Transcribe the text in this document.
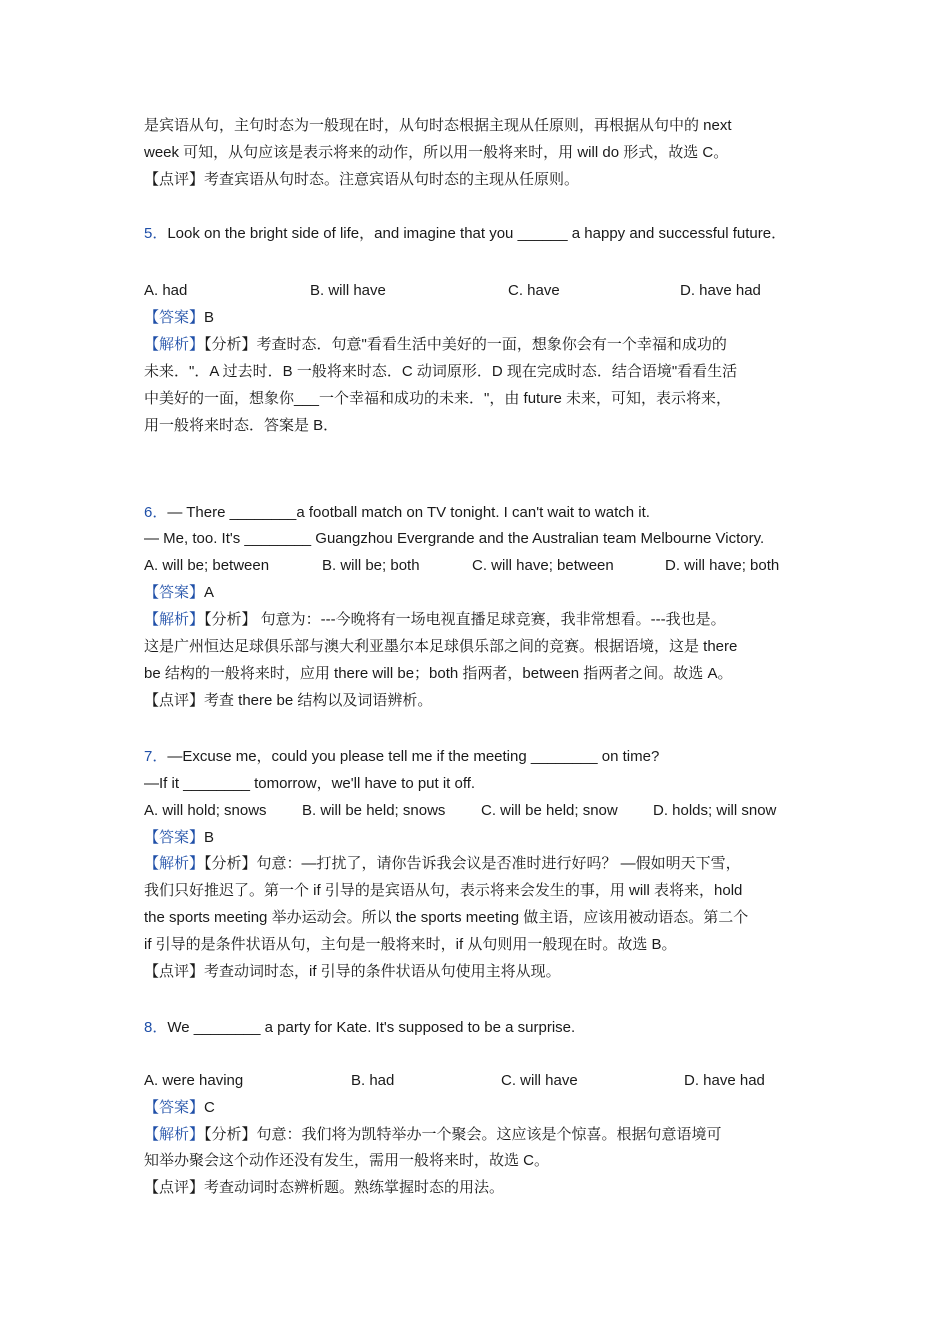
是宾语从句，主句时态为一般现在时，从句时态根据主现从任原则，再根据从句中的 next
week 可知，从句应该是表示将来的动作，所以用一般将来时，用 will do 形式，故选 C。
【点评】考查宾语从句时态。注意宾语从句时态的主现从任原则。
5．Look on the bright side of life，and imagine that you ______ a happy and successful future．
A. had	B. will have	C. have	D. have had
【答案】B
【解析】【分析】考查时态．句意"看看生活中美好的一面，想象你会有一个幸福和成功的
未来．"．A 过去时．B 一般将来时态．C 动词原形．D 现在完成时态．结合语境"看看生活
中美好的一面，想象你___一个幸福和成功的未来．"，由 future 未来，可知，表示将来，
用一般将来时态．答案是 B．
6．— There ________a football match on TV tonight. I can't wait to watch it.
— Me, too. It's ________ Guangzhou Evergrande and the Australian team Melbourne Victory.
A. will be; between	B. will be; both	C. will have; between	D. will have; both
【答案】A
【解析】【分析】 句意为：---今晚将有一场电视直播足球竞赛，我非常想看。---我也是。
这是广州恒达足球俱乐部与澳大利亚墨尔本足球俱乐部之间的竞赛。根据语境，这是 there
be 结构的一般将来时，应用 there will be；both 指两者，between 指两者之间。故选 A。
【点评】考查 there be 结构以及词语辨析。
7．—Excuse me，could you please tell me if the meeting ________ on time?
—If it ________ tomorrow，we'll have to put it off.
A. will hold; snows B. will be held; snows C. will be held; snow D. holds; will snow
【答案】B
【解析】【分析】句意：—打扰了，请你告诉我会议是否准时进行好吗？ —假如明天下雪，
我们只好推迟了。第一个 if 引导的是宾语从句，表示将来会发生的事，用 will 表将来，hold
the sports meeting 举办运动会。所以 the sports meeting 做主语，应该用被动语态。第二个
if 引导的是条件状语从句，主句是一般将来时，if 从句则用一般现在时。故选 B。
【点评】考查动词时态，if 引导的条件状语从句使用主将从现。
8．We ________ a party for Kate. It's supposed to be a surprise.
A. were having	B. had	C. will have	D. have had
【答案】C
【解析】【分析】句意：我们将为凯特举办一个聚会。这应该是个惊喜。根据句意语境可
知举办聚会这个动作还没有发生，需用一般将来时，故选 C。
【点评】考查动词时态辨析题。熟练掌握时态的用法。
